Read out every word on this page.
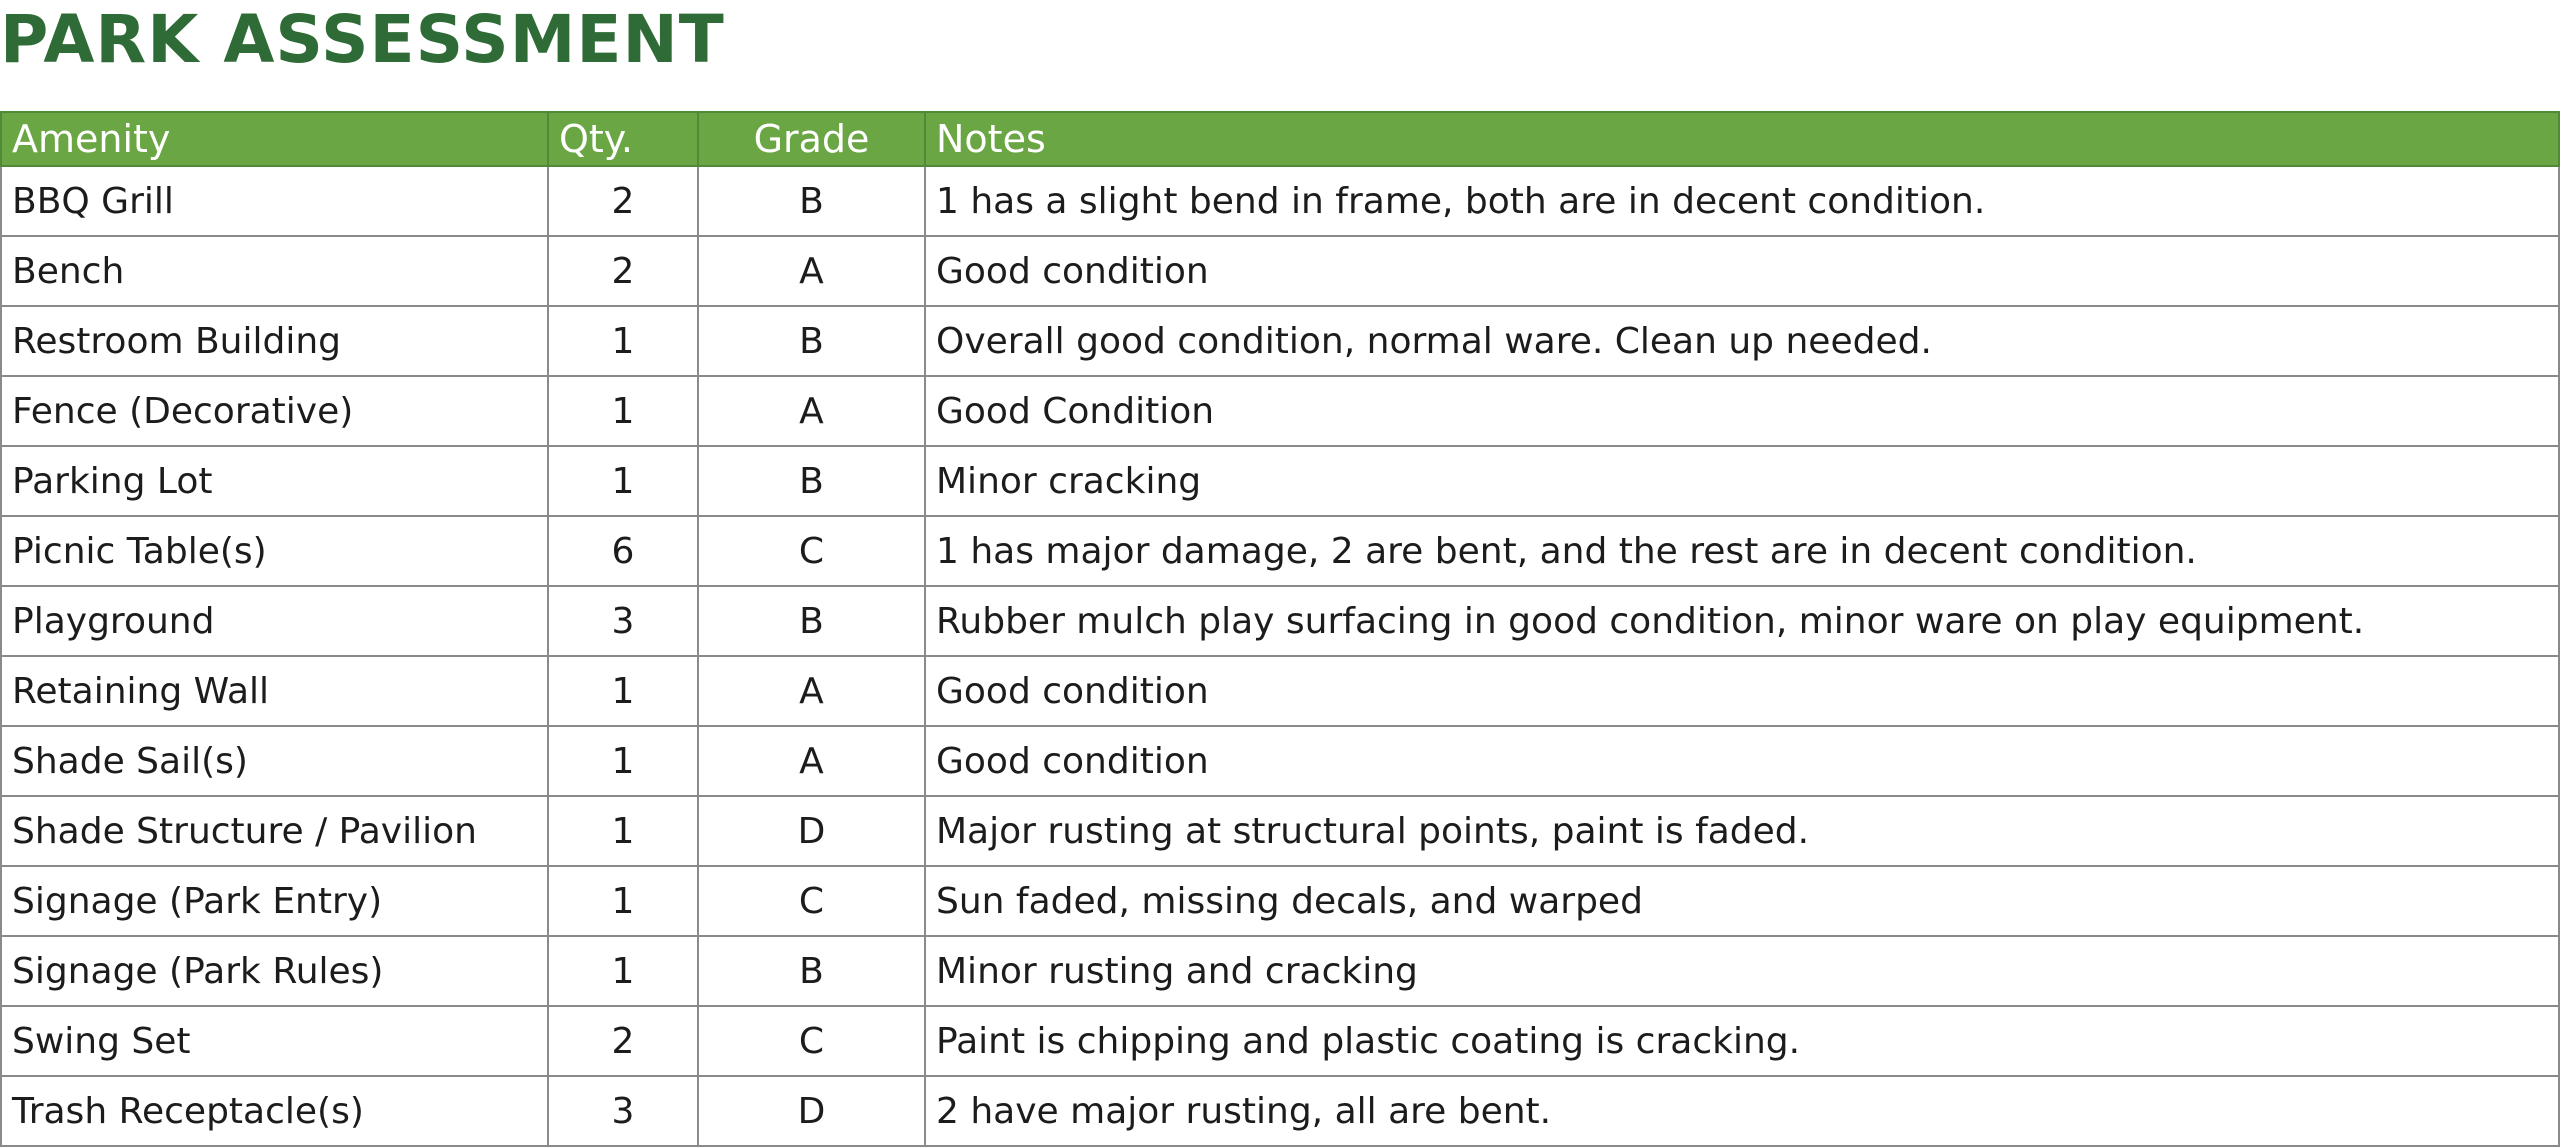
PARK ASSESSMENT
Amenity	Qty.	Grade	Notes
BBQ Grill	2	B	1 has a slight bend in frame, both are in decent condition.
Bench	2	A	Good condition
Restroom Building	1	B	Overall good condition, normal ware. Clean up needed.
Fence (Decorative)	1	A	Good Condition
Parking Lot	1	B	Minor cracking
Picnic Table(s)	6	C	1 has major damage, 2 are bent, and the rest are in decent condition.
Playground	3	B	Rubber mulch play surfacing in good condition, minor ware on play equipment.
Retaining Wall	1	A	Good condition
Shade Sail(s)	1	A	Good condition
Shade Structure / Pavilion	1	D	Major rusting at structural points, paint is faded.
Signage (Park Entry)	1	C	Sun faded, missing decals, and warped
Signage (Park Rules)	1	B	Minor rusting and cracking
Swing Set	2	C	Paint is chipping and plastic coating is cracking.
Trash Receptacle(s)	3	D	2 have major rusting, all are bent.
